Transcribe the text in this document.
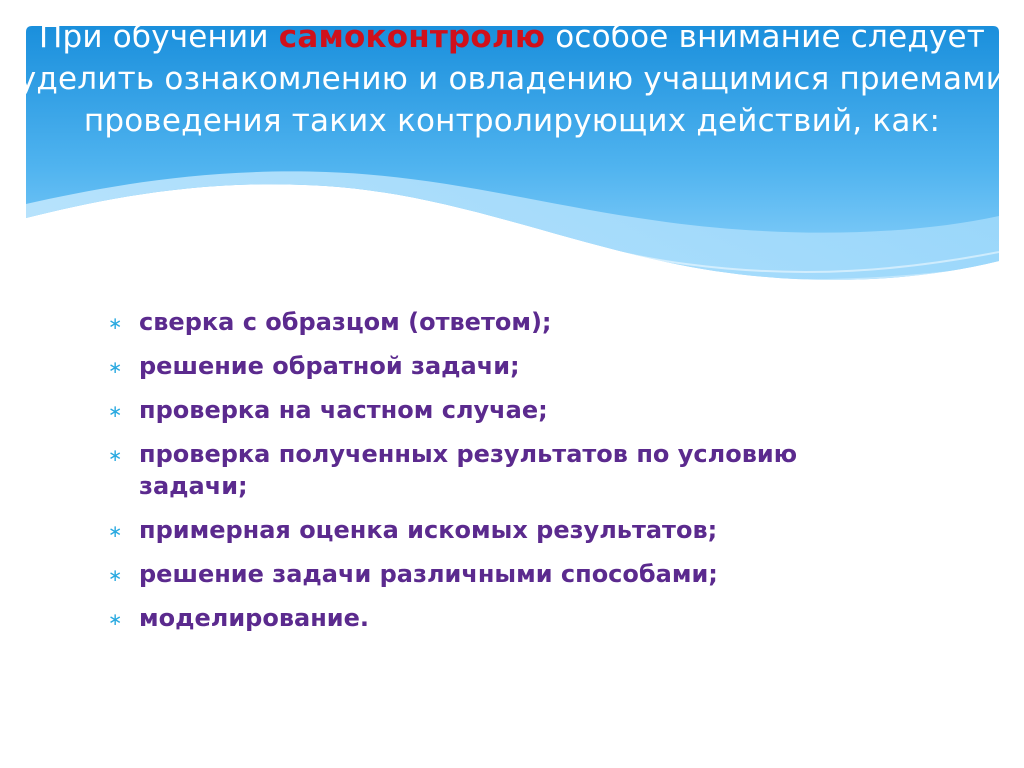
При обучении самоконтролю особое внимание следует
уделить ознакомлению и овладению учащимися приемами
проведения таких контролирующих действий, как:
∗ сверка с образцом (ответом);
∗ решение обратной задачи;
∗ проверка на частном случае;
∗ проверка полученных результатов по условию задачи;
∗ примерная оценка искомых результатов;
∗ решение задачи различными способами;
∗ моделирование.
